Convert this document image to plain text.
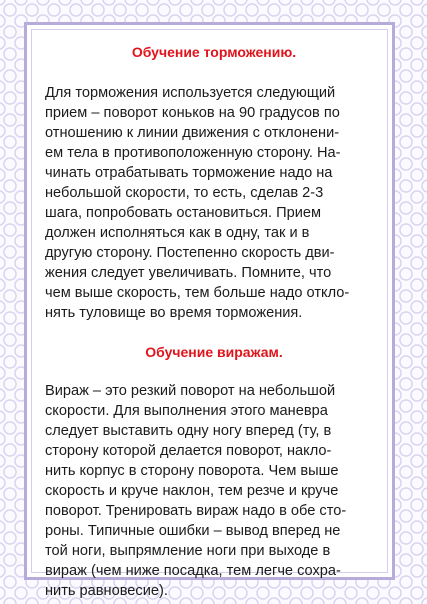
Обучение торможению.

Для торможения используется следующий
прием – поворот коньков на 90 градусов по
отношению к линии движения с отклонени-
ем тела в противоположенную сторону. На-
чинать отрабатывать торможение надо на
небольшой скорости, то есть, сделав 2-3
шага, попробовать остановиться. Прием
должен исполняться как в одну, так и в
другую сторону. Постепенно скорость дви-
жения следует увеличивать. Помните, что
чем выше скорость, тем больше надо откло-
нять туловище во время торможения.

Обучение виражам.

Вираж – это резкий поворот на небольшой
скорости. Для выполнения этого маневра
следует выставить одну ногу вперед (ту, в
сторону которой делается поворот, накло-
нить корпус в сторону поворота. Чем выше
скорость и круче наклон, тем резче и круче
поворот. Тренировать вираж надо в обе сто-
роны. Типичные ошибки – вывод вперед не
той ноги, выпрямление ноги при выходе в
вираж (чем ниже посадка, тем легче сохра-
нить равновесие).
